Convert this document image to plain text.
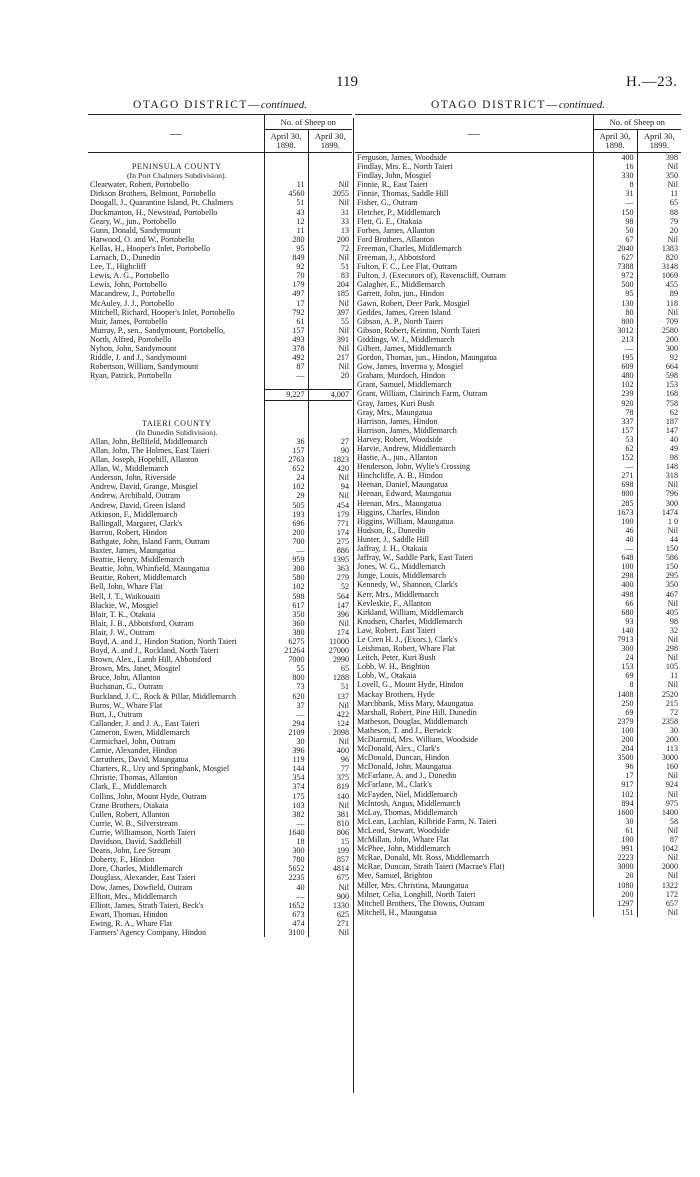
119	H.—23.
OTAGO DISTRICT—continued.
—	No. of Sheep on	
	April 30, 1898.	April 30, 1899.

PENINSULA COUNTY		
(In Port Chalmers Subdivision).		
Clearwater, Robert, Portobello	11	Nil
Dirkson Brothers, Belmont, Portobello	4560	2055
Dougall, J., Quarantine Island, Pt. Chalmers	51	Nil
Duckmanton, H., Newstead, Portobello	43	31
Geary, W., jun., Portobello	12	33
Gunn, Donald, Sandymount	11	13
Harwood, O. and W., Portobello	280	200
Kellas, H., Hooper's Inlet, Portobello	95	72
Larnach, D., Dunedin	849	Nil
Lee, T., Highcliff	92	51
Lewis, A. G., Portobello	70	83
Lewis, John, Portobello	179	204
Macandrew, J., Portobello	497	185
McAuley, J. J., Portobello	17	Nil
Mitchell, Richard, Hooper's Inlet, Portobello	792	397
Muir, James, Portobello	61	55
Murray, P., sen., Sandymount, Portobello,	157	Nil
North, Alfred, Portobello	493	391
Nyhon, John, Sandymount	378	Nil
Riddle, J. and J., Sandymount	492	217
Robertson, William, Sandymount	87	Nil
Ryan, Patrick, Portobello	—	20

	9,227	4,007

TAIERI COUNTY		
(In Dunedin Subdivision).		
Allan, John, Bellfield, Middlemarch	36	27
Allan, John, The Holmes, East Taieri	157	90
Allan, Joseph, Hopehill, Allanton	2763	1823
Allan, W., Middlemarch	652	420
Anderson, John, Riverside	24	Nil
Andrew, David, Grange, Mosgiel	102	94
Andrew, Archibald, Outram	29	Nil
Andrew, David, Green Island	505	454
Atkinson, F., Middlemarch	193	179
Ballingall, Margaret, Clark's	696	771
Barron, Robert, Hindon	200	174
Bathgate, John, Island Farm, Outram	700	275
Baxter, James, Maungatua	—	886
Beattie, Henry, Middlemarch	959	1395
Beattie, John, Whinfield, Maungatua	300	363
Beattie, Robert, Middlemarch	580	279
Bell, John, Whare Flat	102	52
Bell, J. T., Waikouaiti	598	564
Blackie, W., Mosgiel	617	147
Blair, T. K., Otakaia	350	396
Blair, J. B., Abbotsford, Outram	360	Nil
Blair, J. W., Outram	380	174
Boyd, A. and J., Hindon Station, North Taieri	6275	11000
Boyd, A. and J., Rockland, North Taieri	21264	27000
Brown, Alex., Lamb Hill, Abbotsford	7000	2990
Brown, Mrs. Janet, Mosgiel	55	65
Bruce, John, Allanton	800	1288
Buchanan, G., Outram	73	51
Buckland, J. C., Rock & Pillar, Middlemarch	620	137
Burns, W., Whare Flat	37	Nil
Burt, J., Outram	—	422
Callander, J. and J. A., East Taieri	294	124
Cameron, Ewen, Middlemarch	2109	2098
Carmichael, John, Outram	30	Nil
Carnie, Alexander, Hindon	396	400
Carruthers, David, Maungatua	119	96
Charters, R., Ury and Springbank, Mosgiel	144	77
Christie, Thomas, Allanton	354	375
Clark, E., Middlemarch	374	819
Collins, John, Mount Hyde, Outram	175	140
Crane Brothers, Otakaia	103	Nil
Cullen, Robert, Allanton	382	381
Currie, W. B., Silverstream	—	810
Currie, Williamson, North Taieri	1640	806
Davidson, David, Saddlehill	18	15
Deans, John, Lee Stream	300	199
Doherty, F., Hindon	780	857
Dore, Charles, Middlemarch	5652	4814
Douglass, Alexander, East Taieri	2235	675
Dow, James, Dowfield, Outram	40	Nil
Elliott, Mrs., Middlemarch	—	900
Elliott, James, Strath Taieri, Beck's	1652	1330
Ewart, Thomas, Hindon	673	625
Ewing, R. A., Whare Flat	474	271
Farmers' Agency Company, Hindon	3100	Nil
OTAGO DISTRICT—continued.
—	No. of Sheep on	
	April 30, 1898.	April 30, 1899.
Ferguson, James, Woodside	400	398
Findlay, Mrs. E., North Taieri	16	Nil
Findlay, John, Mosgiel	330	350
Finnie, R., East Taieri	8	Nil
Finnie, Thomas, Saddle Hill	31	11
Fisher, G., Outram	—	65
Fletcher, P., Middlemarch	150	88
Flett, G. E., Otakaia	98	79
Forbes, James, Allanton	50	20
Ford Brothers, Allanton	67	Nil
Freeman, Charles, Middlemarch	2040	1383
Freeman, J., Abbotsford	627	820
Fulton, F. C., Lee Flat, Outram	7388	3148
Fulton, J. (Executors of), Ravenscliff, Outram	972	1069
Galagher, E., Middlemarch	500	455
Garrett, John, jun., Hindon	95	89
Gawn, Robert, Deer Park, Mosgiel	130	118
Geddes, James, Green Island	80	Nil
Gibson, A. P., North Taieri	800	709
Gibson, Robert, Keinton, North Taieri	3012	2580
Giddings, W. J., Middlemarch	213	200
Gilbert, James, Middlemarch	—	300
Gordon, Thomas, jun., Hindon, Maungatua	195	92
Gow, James, Inverma y, Mosgiel	609	664
Graham, Murdoch, Hindon	480	598
Grant, Samuel, Middlemarch	102	153
Grant, William, Clairinch Farm, Outram	239	168
Gray, James, Kuri Bush	920	758
Gray, Mrs., Maungatua	78	62
Harrison, James, Hindon	337	187
Harrison, James, Middlemarch	157	147
Harvey, Robert, Woodside	53	40
Harvie, Andrew, Middlemarch	62	49
Hastie, A., jun., Allanton	152	98
Henderson, John, Wylie's Crossing	—	148
Hinchcliffe, A. B., Hindon	271	318
Heenan, Daniel, Maungatua	698	Nil
Heenan, Edward, Maungatua	800	796
Heenan, Mrs., Maungatua	285	300
Higgins, Charles, Hindon	1673	1474
Higgins, William, Maungatua	100	1 0
Hudson, R., Dunedin	46	Nil
Hunter, J., Saddle Hill	40	44
Jaffray, J. H., Otakaia	—	150
Jaffray, W., Saddle Park, East Taieri	648	586
Jones, W. G., Middlemarch	100	150
Junge, Louis, Middlemarch	298	295
Kennedy, W., Shannon, Clark's	400	350
Kerr, Mrs., Middlemarch	498	467
Kevleskie, F., Allanton	66	Nil
Kirkland, William, Middlemarch	680	405
Knudsen, Charles, Middlemarch	93	98
Law, Robert, East Taieri	140	32
Le Cren H. J., (Exors.), Clark's	7913	Nil
Leishman, Robert, Whare Flat	300	298
Leitch, Peter, Kuri Bush	24	Nil
Lobb, W. H., Brighton	153	105
Lobb, W., Otakaia	69	11
Lovell, G., Mount Hyde, Hindon	8	Nil
Mackay Brothers, Hyde	1408	2520
Marchbank, Miss Mary, Maungatua	250	215
Marshall, Robert, Pine Hill, Dunedin	69	72
Matheson, Douglas, Middlemarch	2379	2358
Matheson, T. and J., Berwick	100	30
McDiarmid, Mrs. William, Woodside	200	200
McDonald, Alex., Clark's	204	113
McDonald, Duncan, Hindon	3500	3000
McDonald, John, Maungatua	96	160
McFarlane, A. and J., Dunedin	17	Nil
McFarlane, M., Clark's	917	924
McFayden, Niel, Middlemarch	102	Nil
McIntosh, Angus, Middlemarch	894	975
McLay, Thomas, Middlemarch	1600	1400
McLean, Lachlan, Kilbride Farm, N. Taieri	30	58
McLeod, Stewart, Woodside	61	Nil
McMillan, John, Whare Flat	100	87
McPhee, John, Middlemarch	991	1042
McRae, Donald, Mt. Ross, Middlemarch	2223	Nil
McRae, Duncan, Strath Taieri (Macrae's Flat)	3000	2000
Mee, Samuel, Brighton	20	Nil
Miller, Mrs. Christina, Maungatua	1080	1322
Milner, Celia, Longhill, North Taieri	200	172
Mitchell Brothers, The Downs, Outram	1297	657
Mitchell, H., Maungatua	151	Nil
